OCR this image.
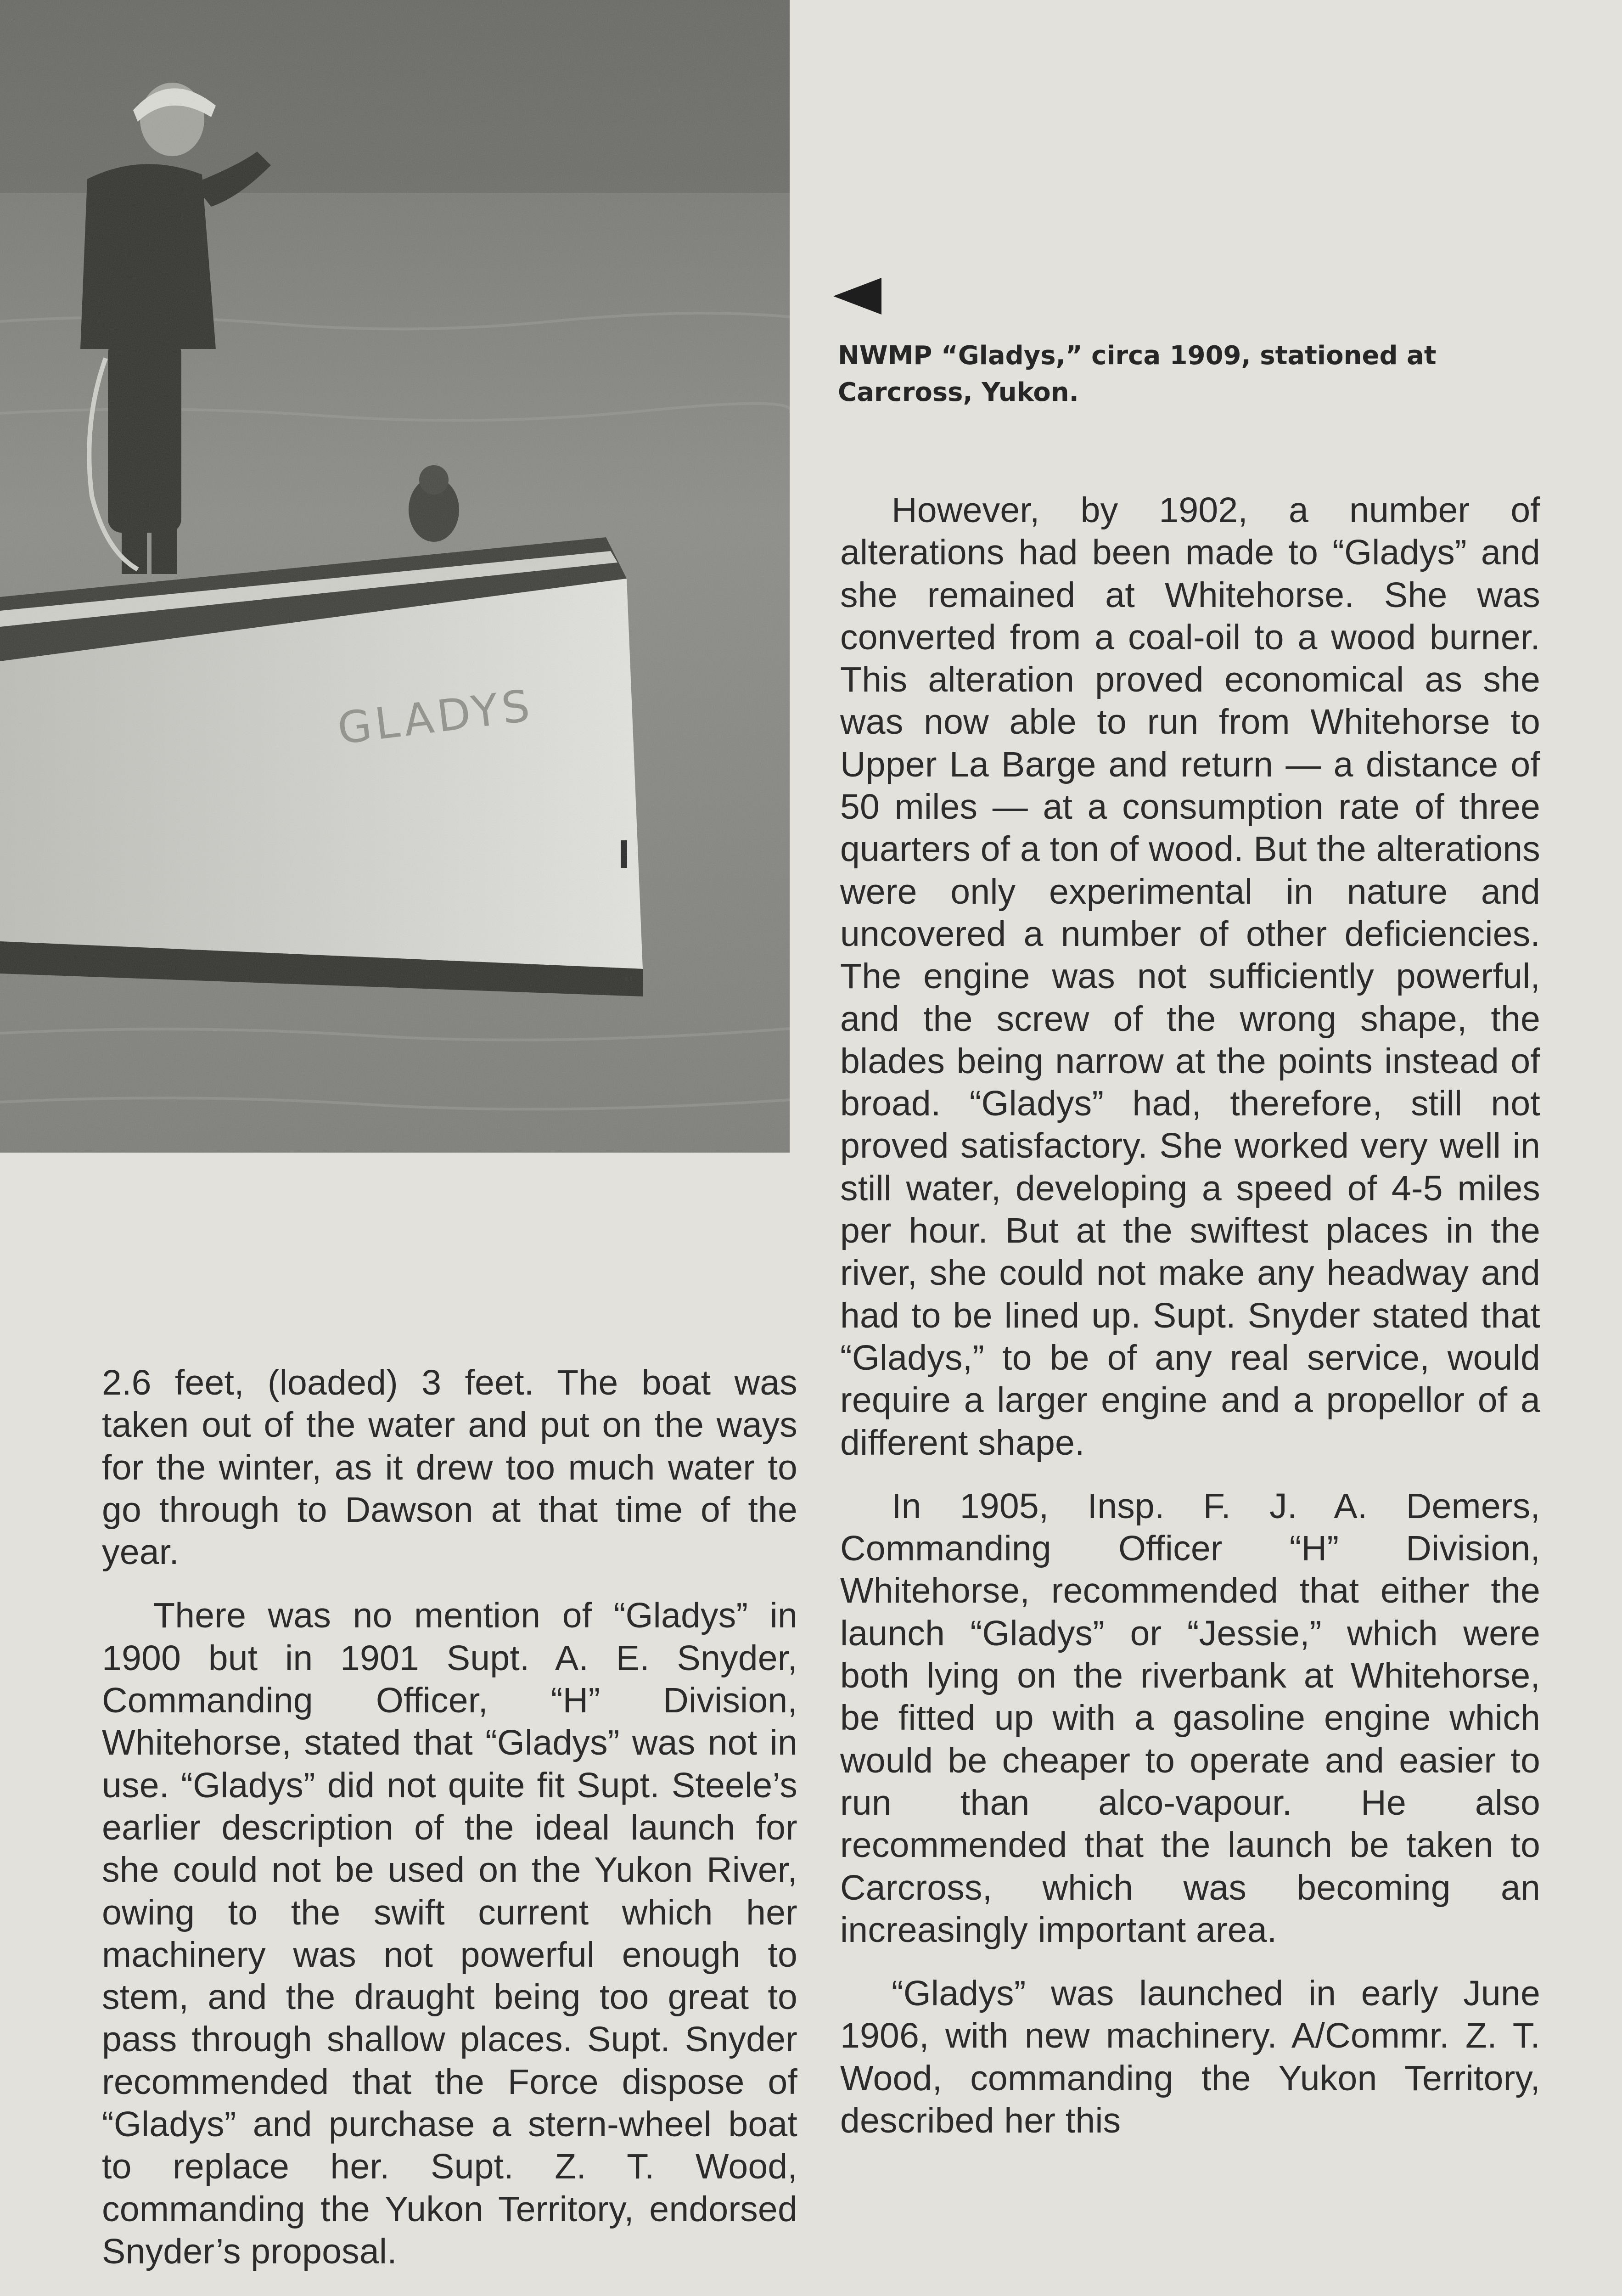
NWMP “Gladys,” circa 1909, stationed at Carcross, Yukon.

2.6 feet, (loaded) 3 feet. The boat was taken out of the water and put on the ways for the winter, as it drew too much water to go through to Dawson at that time of the year.

There was no mention of “Gladys” in 1900 but in 1901 Supt. A. E. Snyder, Commanding Officer, “H” Division, Whitehorse, stated that “Gladys” was not in use. “Gladys” did not quite fit Supt. Steele’s earlier description of the ideal launch for she could not be used on the Yukon River, owing to the swift current which her machinery was not powerful enough to stem, and the draught being too great to pass through shallow places. Supt. Snyder recommended that the Force dispose of “Gladys” and purchase a stern-wheel boat to replace her. Supt. Z. T. Wood, commanding the Yukon Territory, endorsed Snyder’s proposal.

However, by 1902, a number of alterations had been made to “Gladys” and she remained at Whitehorse. She was converted from a coal-oil to a wood burner. This alteration proved economical as she was now able to run from Whitehorse to Upper La Barge and return — a distance of 50 miles — at a consumption rate of three quarters of a ton of wood. But the alterations were only experimental in nature and uncovered a number of other deficiencies. The engine was not sufficiently powerful, and the screw of the wrong shape, the blades being narrow at the points instead of broad. “Gladys” had, therefore, still not proved satisfactory. She worked very well in still water, developing a speed of 4-5 miles per hour. But at the swiftest places in the river, she could not make any headway and had to be lined up. Supt. Snyder stated that “Gladys,” to be of any real service, would require a larger engine and a propellor of a different shape.

In 1905, Insp. F. J. A. Demers, Commanding Officer “H” Division, Whitehorse, recommended that either the launch “Gladys” or “Jessie,” which were both lying on the riverbank at Whitehorse, be fitted up with a gasoline engine which would be cheaper to operate and easier to run than alco-vapour. He also recommended that the launch be taken to Carcross, which was becoming an increasingly important area.

“Gladys” was launched in early June 1906, with new machinery. A/Commr. Z. T. Wood, commanding the Yukon Territory, described her this
